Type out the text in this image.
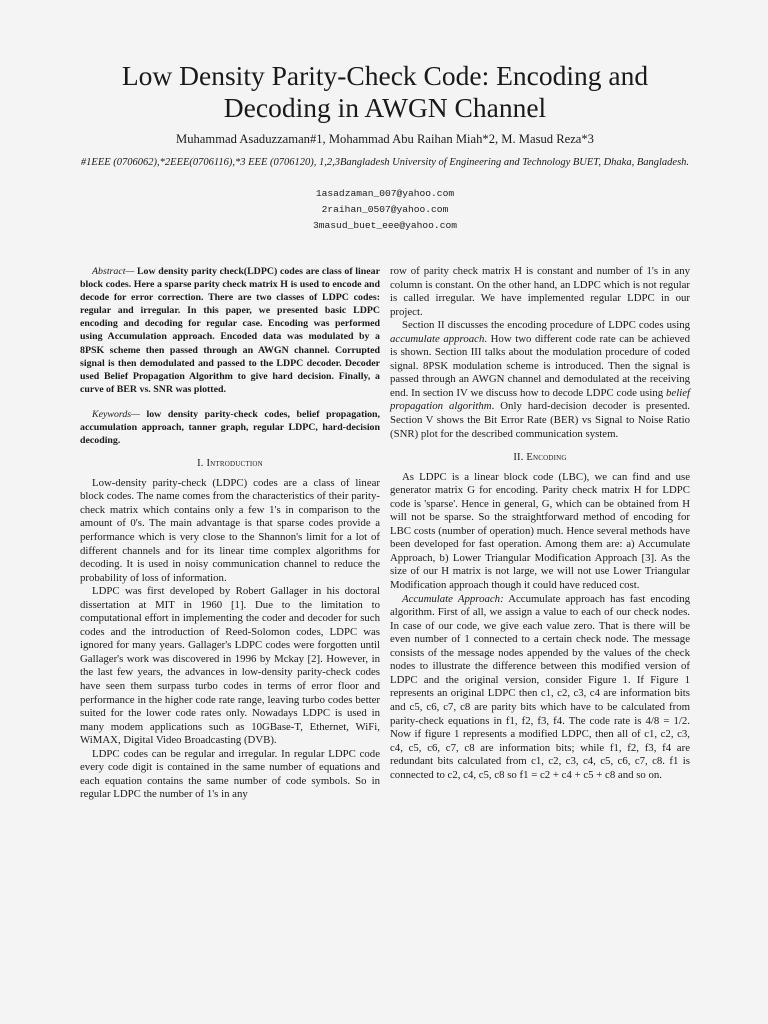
Low Density Parity-Check Code: Encoding and Decoding in AWGN Channel
Muhammad Asaduzzaman#1, Mohammad Abu Raihan Miah*2, M. Masud Reza*3
#1EEE (0706062),*2EEE(0706116),*3 EEE (0706120), 1,2,3Bangladesh University of Engineering and Technology BUET, Dhaka, Bangladesh.
1asadzaman_007@yahoo.com
2raihan_0507@yahoo.com
3masud_buet_eee@yahoo.com

Abstract— Low density parity check(LDPC) codes are class of linear block codes. Here a sparse parity check matrix H is used to encode and decode for error correction. There are two classes of LDPC codes: regular and irregular. In this paper, we presented basic LDPC encoding and decoding for regular case. Encoding was performed using Accumulation approach. Encoded data was modulated by a 8PSK scheme then passed through an AWGN channel. Corrupted signal is then demodulated and passed to the LDPC decoder. Decoder used Belief Propagation Algorithm to give hard decision. Finally, a curve of BER vs. SNR was plotted.

Keywords— low density parity-check codes, belief propagation, accumulation approach, tanner graph, regular LDPC, hard-decision decoding.

I. Introduction

Low-density parity-check (LDPC) codes are a class of linear block codes. The name comes from the characteristics of their parity-check matrix which contains only a few 1's in comparison to the amount of 0's. The main advantage is that sparse codes provide a performance which is very close to the Shannon's limit for a lot of different channels and for its linear time complex algorithms for decoding. It is used in noisy communication channel to reduce the probability of loss of information.

LDPC was first developed by Robert Gallager in his doctoral dissertation at MIT in 1960 [1]. Due to the limitation to computational effort in implementing the coder and decoder for such codes and the introduction of Reed-Solomon codes, LDPC was ignored for many years. Gallager's LDPC codes were forgotten until Gallager's work was discovered in 1996 by Mckay [2]. However, in the last few years, the advances in low-density parity-check codes have seen them surpass turbo codes in terms of error floor and performance in the higher code rate range, leaving turbo codes better suited for the lower code rates only. Nowadays LDPC is used in many modem applications such as 10GBase-T, Ethernet, WiFi, WiMAX, Digital Video Broadcasting (DVB).

LDPC codes can be regular and irregular. In regular LDPC code every code digit is contained in the same number of equations and each equation contains the same number of code symbols. So in regular LDPC the number of 1's in any

row of parity check matrix H is constant and number of 1's in any column is constant. On the other hand, an LDPC which is not regular is called irregular. We have implemented regular LDPC in our project.

Section II discusses the encoding procedure of LDPC codes using accumulate approach. How two different code rate can be achieved is shown. Section III talks about the modulation procedure of coded signal. 8PSK modulation scheme is introduced. Then the signal is passed through an AWGN channel and demodulated at the receiving end. In section IV we discuss how to decode LDPC code using belief propagation algorithm. Only hard-decision decoder is presented. Section V shows the Bit Error Rate (BER) vs Signal to Noise Ratio (SNR) plot for the described communication system.

II. Encoding

As LDPC is a linear block code (LBC), we can find and use generator matrix G for encoding. Parity check matrix H for LDPC code is 'sparse'. Hence in general, G, which can be obtained from H will not be sparse. So the straightforward method of encoding for LBC costs (number of operation) much. Hence several methods have been developed for fast operation. Among them are: a) Accumulate Approach, b) Lower Triangular Modification Approach [3]. As the size of our H matrix is not large, we will not use Lower Triangular Modification approach though it could have reduced cost.

Accumulate Approach: Accumulate approach has fast encoding algorithm. First of all, we assign a value to each of our check nodes. In case of our code, we give each value zero. That is there will be even number of 1 connected to a certain check node. The message consists of the message nodes appended by the values of the check nodes to illustrate the difference between this modified version of LDPC and the original version, consider Figure 1. If Figure 1 represents an original LDPC then c1, c2, c3, c4 are information bits and c5, c6, c7, c8 are parity bits which have to be calculated from parity-check equations in f1, f2, f3, f4. The code rate is 4/8 = 1/2. Now if figure 1 represents a modified LDPC, then all of c1, c2, c3, c4, c5, c6, c7, c8 are information bits; while f1, f2, f3, f4 are redundant bits calculated from c1, c2, c3, c4, c5, c6, c7, c8. f1 is connected to c2, c4, c5, c8 so f1 = c2 + c4 + c5 + c8 and so on.
